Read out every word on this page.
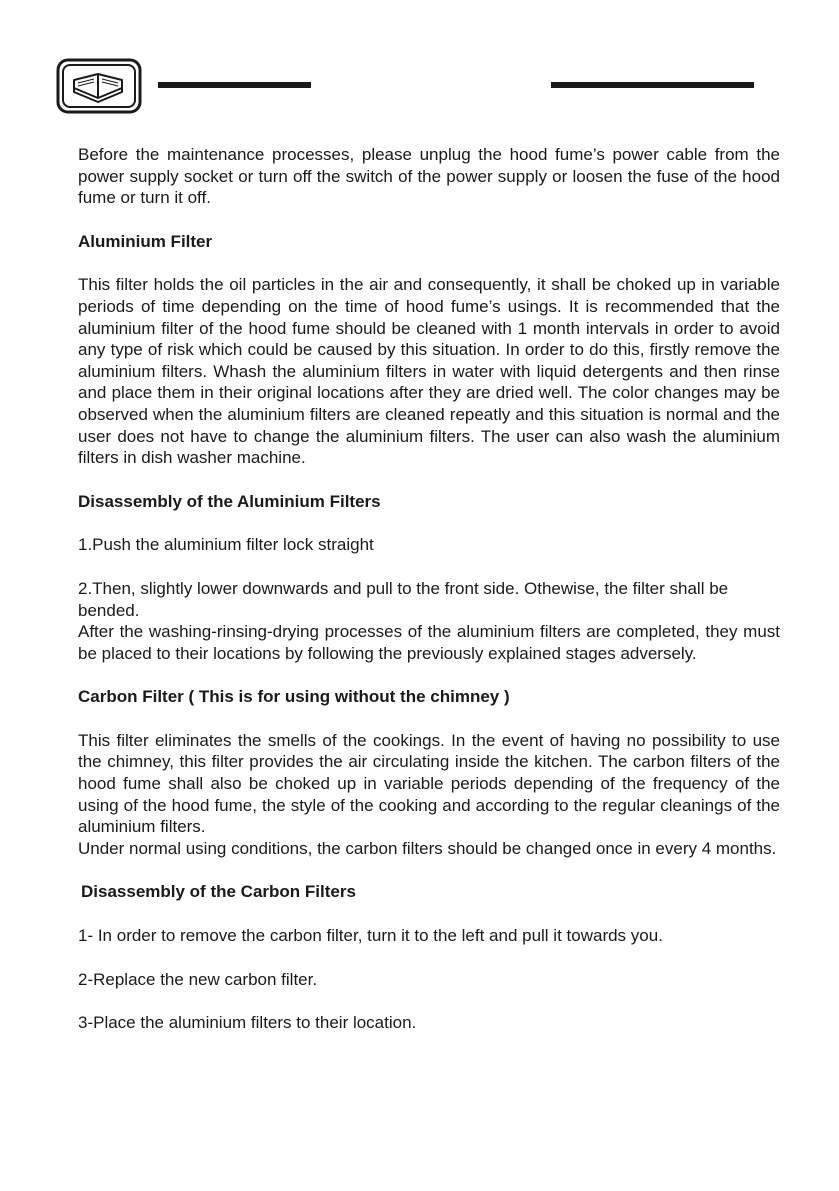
Before the maintenance processes, please unplug the hood fume’s power cable from the power supply socket or turn off the switch of the power supply or loosen the fuse of the hood fume or turn it off.

Aluminium Filter

This filter holds the oil particles in the air and consequently, it shall be choked up in variable periods of time depending on the time of hood fume’s usings. It is recommended that the aluminium filter of the hood fume should be cleaned with 1 month intervals in order to avoid any type of risk which could be caused by this situation. In order to do this, firstly remove the aluminium filters. Whash the aluminium filters in water with liquid detergents and then rinse and place them in their original locations after they are dried well. The color changes may be observed when the aluminium filters are cleaned repeatly and this situation is normal and the user does not have to change the aluminium filters. The user can also wash the aluminium filters in dish washer machine.

Disassembly of the Aluminium Filters

1.Push the aluminium filter lock straight

2.Then, slightly lower downwards and pull to the front side. Othewise, the filter shall be bended.

After the washing-rinsing-drying processes of the aluminium filters are completed, they must be placed to their locations by following the previously explained stages adversely.

Carbon Filter ( This is for using without the chimney )

This filter eliminates the smells of the cookings. In the event of having no possibility to use the chimney, this filter provides the air circulating inside the kitchen. The carbon filters of the hood fume shall also be choked up in variable periods depending of the frequency of the using of the hood fume, the style of the cooking and according to the regular cleanings of the aluminium filters.

Under normal using conditions, the carbon filters should be changed once in every 4 months.

Disassembly of the Carbon Filters

1- In order to remove the carbon filter, turn it to the left and pull it towards you.

2-Replace the new carbon filter.

3-Place the aluminium filters to their location.
